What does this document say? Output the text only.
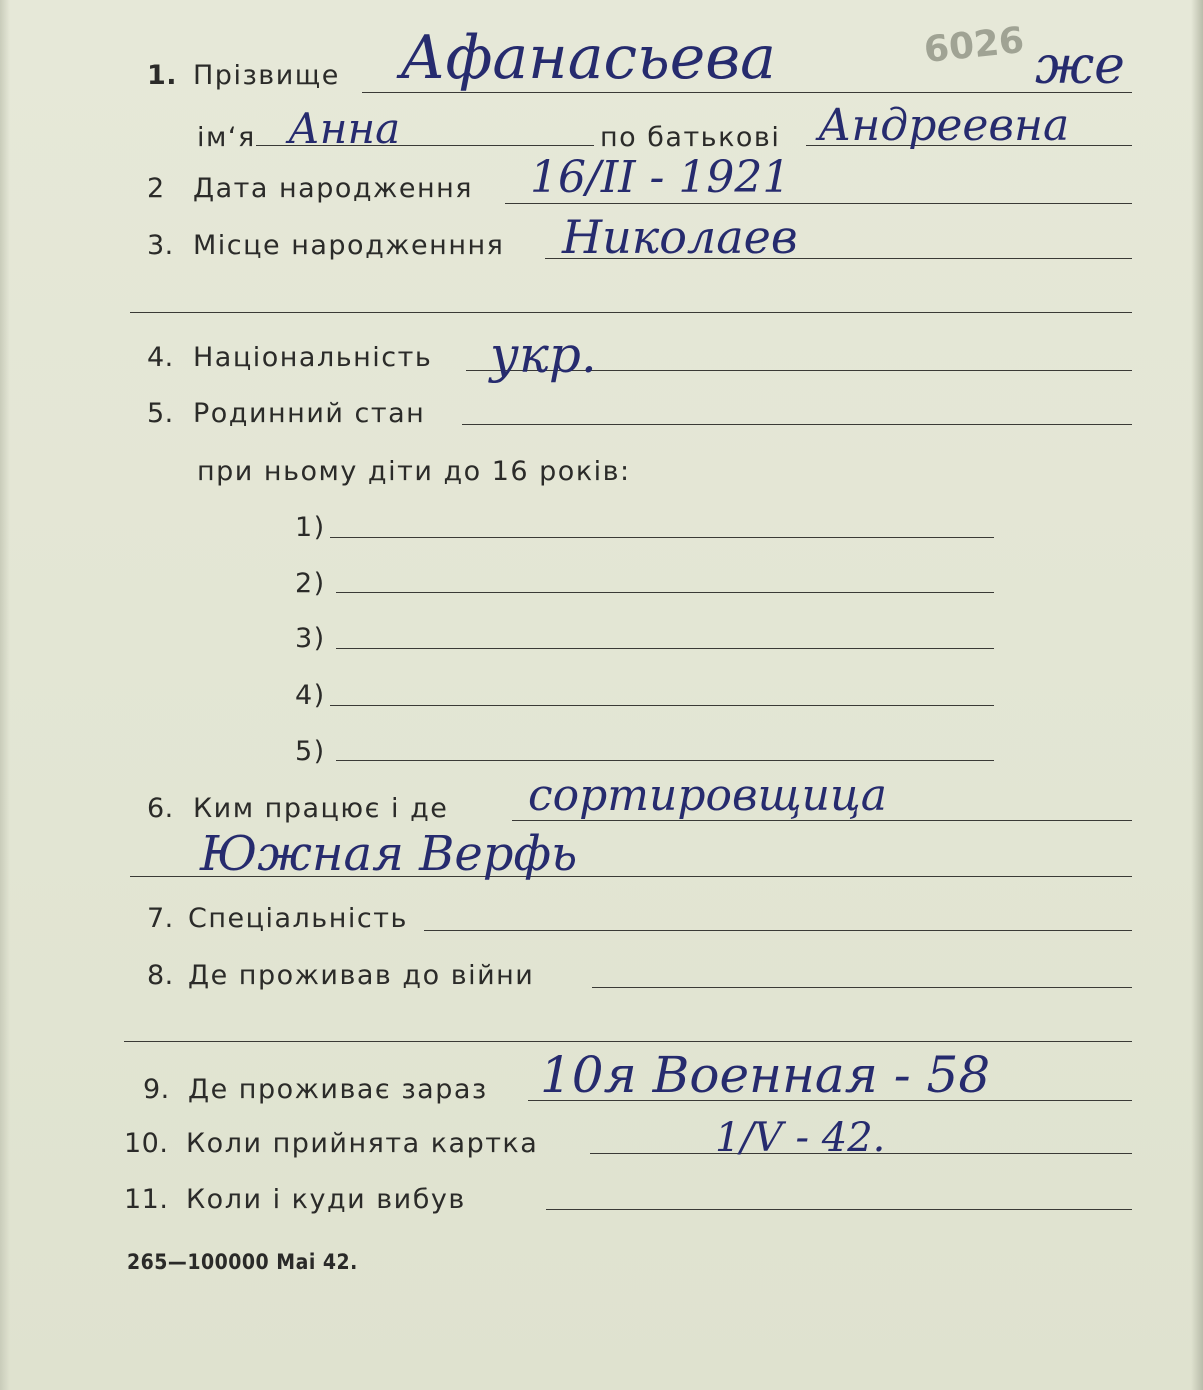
1. Прізвище Афанасьева	6026 же
ім‘я Анна	по батькові Андреевна
2 Дата народження 16/II - 1921
3. Місце народженння Николаев
4. Національність укр.
5. Родинний стан
при ньому діти до 16 років:
1)
2)
3)
4)
5)
6. Ким працює і де сортировщица
Южная Верфь
7. Спеціальність
8. Де проживав до війни
9. Де проживає зараз 10я Военная - 58
10. Коли прийнята картка	1/V - 42.
11. Коли і куди вибув
265—100000 Mai 42.
